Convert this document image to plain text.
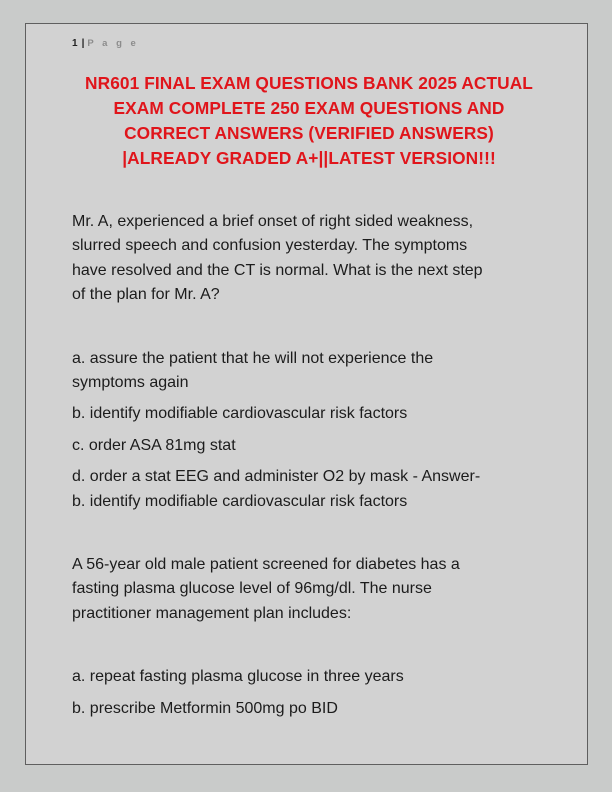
1 | P a g e
NR601 FINAL EXAM QUESTIONS BANK 2025 ACTUAL
EXAM COMPLETE 250 EXAM QUESTIONS AND
CORRECT ANSWERS (VERIFIED ANSWERS)
|ALREADY GRADED A+||LATEST VERSION!!!
Mr. A, experienced a brief onset of right sided weakness,
slurred speech and confusion yesterday. The symptoms
have resolved and the CT is normal. What is the next step
of the plan for Mr. A?
a. assure the patient that he will not experience the
symptoms again
b. identify modifiable cardiovascular risk factors
c. order ASA 81mg stat
d. order a stat EEG and administer O2 by mask - Answer-
b. identify modifiable cardiovascular risk factors
A 56-year old male patient screened for diabetes has a
fasting plasma glucose level of 96mg/dl. The nurse
practitioner management plan includes:
a. repeat fasting plasma glucose in three years
b. prescribe Metformin 500mg po BID
